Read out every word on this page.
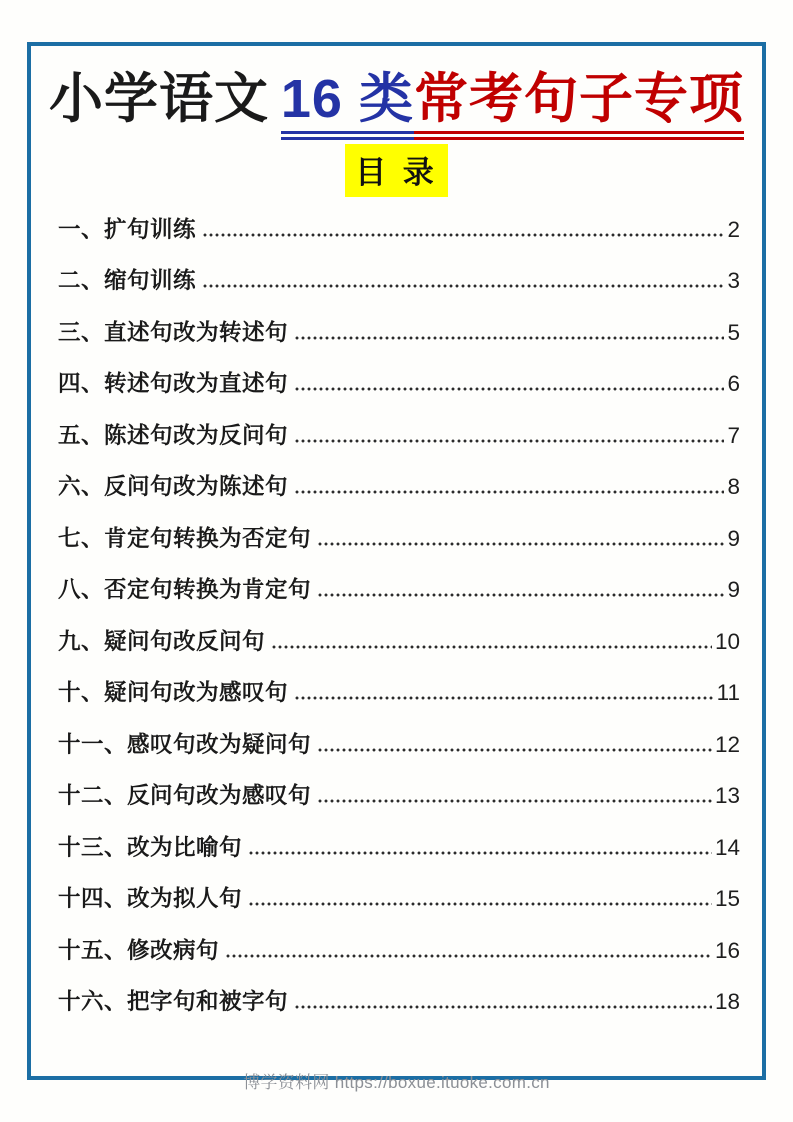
小学语文 16 类常考句子专项
目 录
一、扩句训练	2
二、缩句训练	3
三、直述句改为转述句	5
四、转述句改为直述句	6
五、陈述句改为反问句	7
六、反问句改为陈述句	8
七、肯定句转换为否定句	9
八、否定句转换为肯定句	9
九、疑问句改反问句	10
十、疑问句改为感叹句	11
十一、感叹句改为疑问句	12
十二、反问句改为感叹句	13
十三、改为比喻句	14
十四、改为拟人句	15
十五、修改病句	16
十六、把字句和被字句	18
博学资料网 https://boxue.ituoke.com.cn
